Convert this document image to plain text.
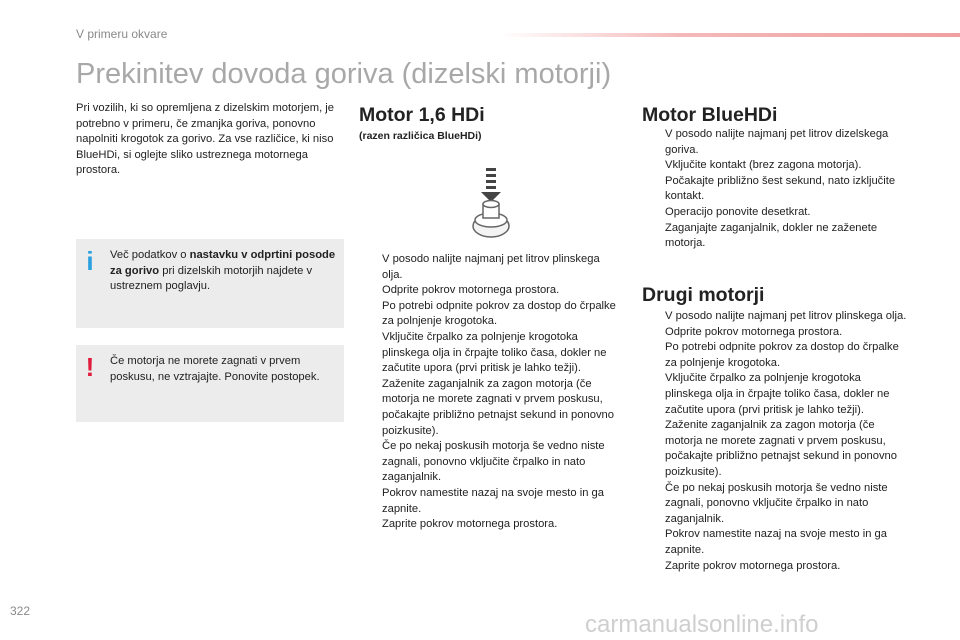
V primeru okvare
Prekinitev dovoda goriva (dizelski motorji)
Pri vozilih, ki so opremljena z dizelskim motorjem, je potrebno v primeru, če zmanjka goriva, ponovno napolniti krogotok za gorivo. Za vse različice, ki niso BlueHDi, si oglejte sliko ustreznega motornega prostora.
i Več podatkov o nastavku v odprtini posode za gorivo pri dizelskih motorjih najdete v ustreznem poglavju.
! Če motorja ne morete zagnati v prvem poskusu, ne vztrajajte. Ponovite postopek.
Motor 1,6 HDi
(razen različica BlueHDi)
V posodo nalijte najmanj pet litrov plinskega olja.
Odprite pokrov motornega prostora.
Po potrebi odpnite pokrov za dostop do črpalke za polnjenje krogotoka.
Vključite črpalko za polnjenje krogotoka plinskega olja in črpajte toliko časa, dokler ne začutite upora (prvi pritisk je lahko težji).
Zaženite zaganjalnik za zagon motorja (če motorja ne morete zagnati v prvem poskusu, počakajte približno petnajst sekund in ponovno poizkusite).
Če po nekaj poskusih motorja še vedno niste zagnali, ponovno vključite črpalko in nato zaganjalnik.
Pokrov namestite nazaj na svoje mesto in ga zapnite.
Zaprite pokrov motornega prostora.
Motor BlueHDi
V posodo nalijte najmanj pet litrov dizelskega goriva.
Vključite kontakt (brez zagona motorja).
Počakajte približno šest sekund, nato izključite kontakt.
Operacijo ponovite desetkrat.
Zaganjajte zaganjalnik, dokler ne zaženete motorja.
Drugi motorji
V posodo nalijte najmanj pet litrov plinskega olja.
Odprite pokrov motornega prostora.
Po potrebi odpnite pokrov za dostop do črpalke za polnjenje krogotoka.
Vključite črpalko za polnjenje krogotoka plinskega olja in črpajte toliko časa, dokler ne začutite upora (prvi pritisk je lahko težji).
Zaženite zaganjalnik za zagon motorja (če motorja ne morete zagnati v prvem poskusu, počakajte približno petnajst sekund in ponovno poizkusite).
Če po nekaj poskusih motorja še vedno niste zagnali, ponovno vključite črpalko in nato zaganjalnik.
Pokrov namestite nazaj na svoje mesto in ga zapnite.
Zaprite pokrov motornega prostora.
322	carmanualsonline.info
